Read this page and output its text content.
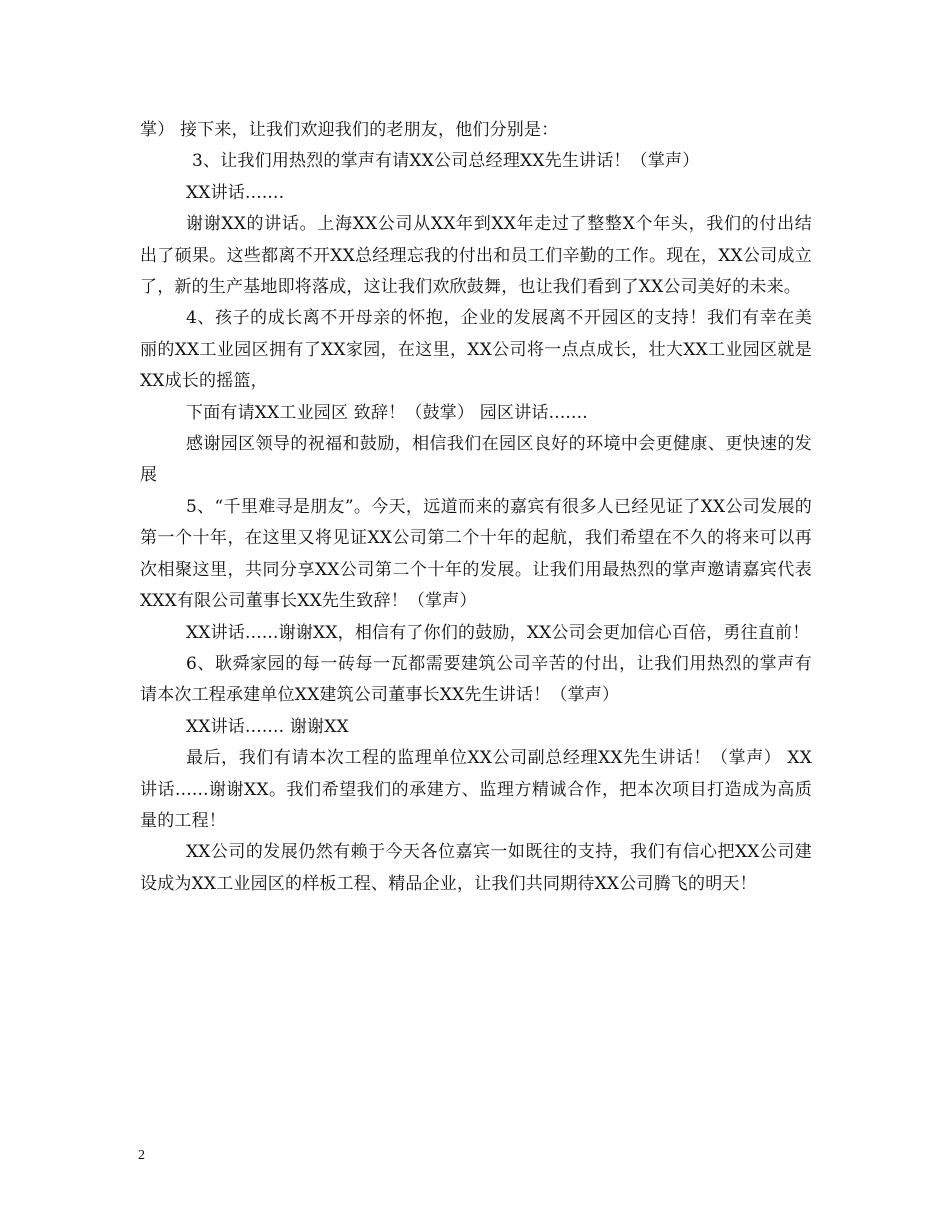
掌） 接下来，让我们欢迎我们的老朋友，他们分别是：

3、让我们用热烈的掌声有请XX公司总经理XX先生讲话！（掌声）

XX讲话.......

谢谢XX的讲话。上海XX公司从XX年到XX年走过了整整X个年头，我们的付出结出了硕果。这些都离不开XX总经理忘我的付出和员工们辛勤的工作。现在，XX公司成立了，新的生产基地即将落成，这让我们欢欣鼓舞，也让我们看到了XX公司美好的未来。

4、孩子的成长离不开母亲的怀抱，企业的发展离不开园区的支持！我们有幸在美丽的XX工业园区拥有了XX家园，在这里，XX公司将一点点成长，壮大XX工业园区就是XX成长的摇篮，

下面有请XX工业园区 致辞！（鼓掌） 园区讲话.......

感谢园区领导的祝福和鼓励，相信我们在园区良好的环境中会更健康、更快速的发展

5、“千里难寻是朋友”。今天，远道而来的嘉宾有很多人已经见证了XX公司发展的第一个十年，在这里又将见证XX公司第二个十年的起航，我们希望在不久的将来可以再次相聚这里，共同分享XX公司第二个十年的发展。让我们用最热烈的掌声邀请嘉宾代表XXX有限公司董事长XX先生致辞！（掌声）

XX讲话......谢谢XX，相信有了你们的鼓励，XX公司会更加信心百倍，勇往直前！

6、耿舜家园的每一砖每一瓦都需要建筑公司辛苦的付出，让我们用热烈的掌声有请本次工程承建单位XX建筑公司董事长XX先生讲话！（掌声）

XX讲话....... 谢谢XX

最后，我们有请本次工程的监理单位XX公司副总经理XX先生讲话！（掌声） XX讲话......谢谢XX。我们希望我们的承建方、监理方精诚合作，把本次项目打造成为高质量的工程！

XX公司的发展仍然有赖于今天各位嘉宾一如既往的支持，我们有信心把XX公司建设成为XX工业园区的样板工程、精品企业，让我们共同期待XX公司腾飞的明天！

2
